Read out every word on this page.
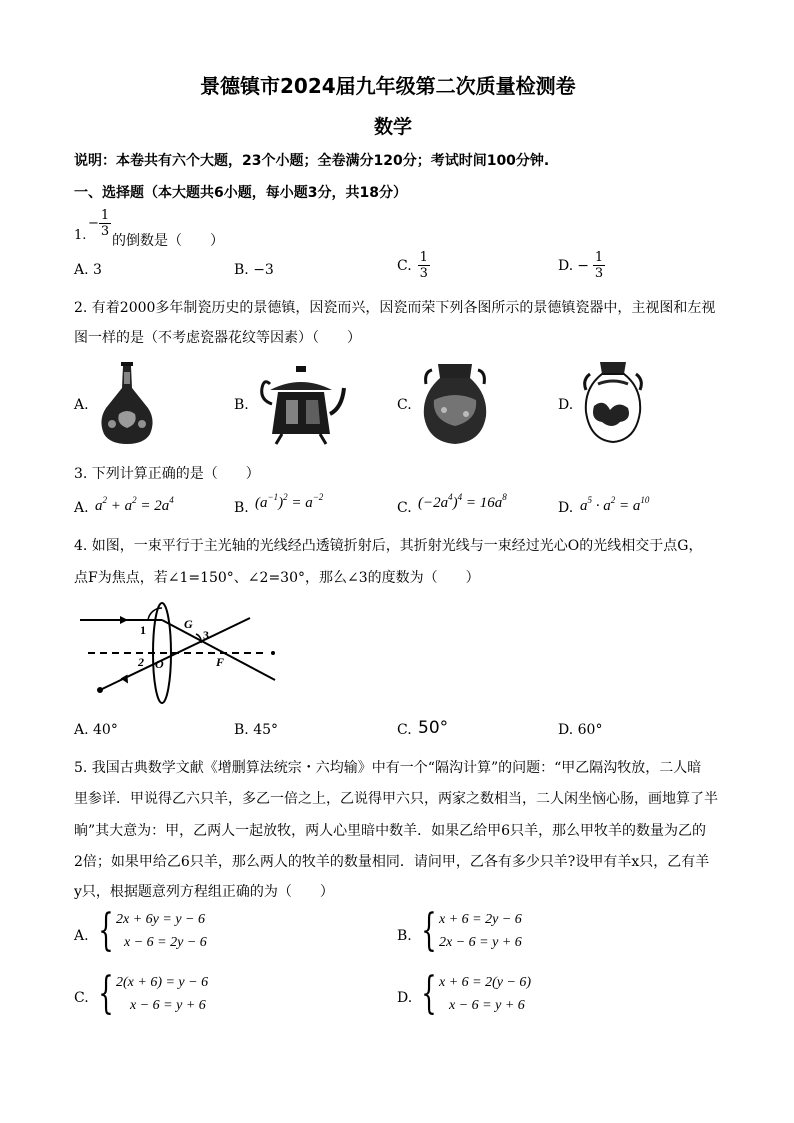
景德镇市2024届九年级第二次质量检测卷
数学
说明：本卷共有六个大题，23个小题；全卷满分120分；考试时间100分钟.
一、选择题（本大题共6小题，每小题3分，共18分）
1.
− $\frac{1}{3}$
的倒数是（　　）
A. 3	B. −3	C. $\frac{1}{3}$	D. − $\frac{1}{3}$
2. 有着2000多年制瓷历史的景德镇，因瓷而兴，因瓷而荣下列各图所示的景德镇瓷器中，主视图和左视
图一样的是（不考虑瓷器花纹等因素）（　　）
A.	B.	C.	D.
3. 下列计算正确的是（　　）
A. $a^2 + a^2 = 2a^4$	B. $(a^{-1})^2 = a^{-2}$
C. $(-2a^4)^4 = 16a^8$
D. $a^5 \cdot a^2 = a^{10}$
4. 如图，一束平行于主光轴的光线经凸透镜折射后，其折射光线与一束经过光心O的光线相交于点G，
点F为焦点，若∠1=150°、∠2=30°，那么∠3的度数为（　　）
1	G
3
2 O	F
A. 40°	B. 45°	C. 50°	D. 60°
5. 我国古典数学文献《增删算法统宗・六均输》中有一个“隔沟计算”的问题：“甲乙隔沟牧放，二人暗
里参详．甲说得乙六只羊，多乙一倍之上，乙说得甲六只，两家之数相当，二人闲坐恼心肠，画地算了半
晌”其大意为：甲，乙两人一起放牧，两人心里暗中数羊．如果乙给甲6只羊，那么甲牧羊的数量为乙的
2倍；如果甲给乙6只羊，那么两人的牧羊的数量相同．请问甲，乙各有多少只羊?设甲有羊x只，乙有羊
y只，根据题意列方程组正确的为（　　）
A. { 2x + 6y = y − 6
x − 6 = 2y − 6	B. { x + 6 = 2y − 6
2x − 6 = y + 6
C. { 2(x + 6) = y − 6
x − 6 = y + 6	D. { x + 6 = 2(y − 6)
x − 6 = y + 6
